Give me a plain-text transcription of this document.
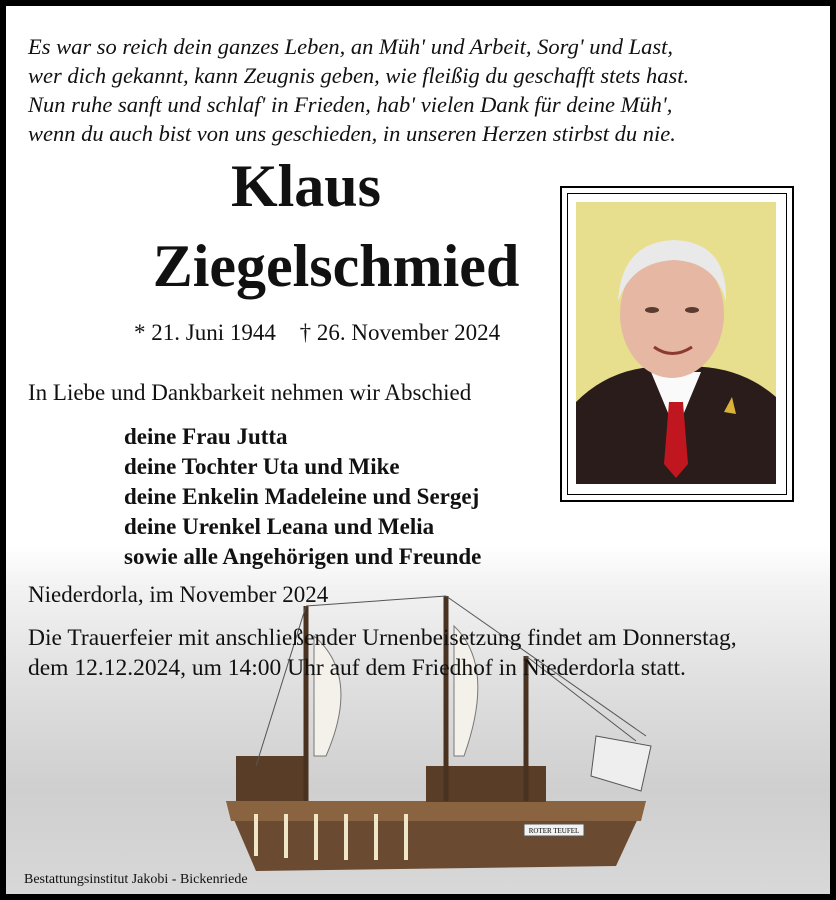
ROTER TEUFEL
Es war so reich dein ganzes Leben, an Müh' und Arbeit, Sorg' und Last,
wer dich gekannt, kann Zeugnis geben, wie fleißig du geschafft stets hast.
Nun ruhe sanft und schlaf' in Frieden, hab' vielen Dank für deine Müh',
wenn du auch bist von uns geschieden, in unseren Herzen stirbst du nie.
Klaus
Ziegelschmied
* 21. Juni 1944 † 26. November 2024
In Liebe und Dankbarkeit nehmen wir Abschied
deine Frau Jutta
deine Tochter Uta und Mike
deine Enkelin Madeleine und Sergej
deine Urenkel Leana und Melia
sowie alle Angehörigen und Freunde
Niederdorla, im November 2024
Die Trauerfeier mit anschließender Urnenbeisetzung findet am Donnerstag,
dem 12.12.2024, um 14:00 Uhr auf dem Friedhof in Niederdorla statt.
Bestattungsinstitut Jakobi - Bickenriede
